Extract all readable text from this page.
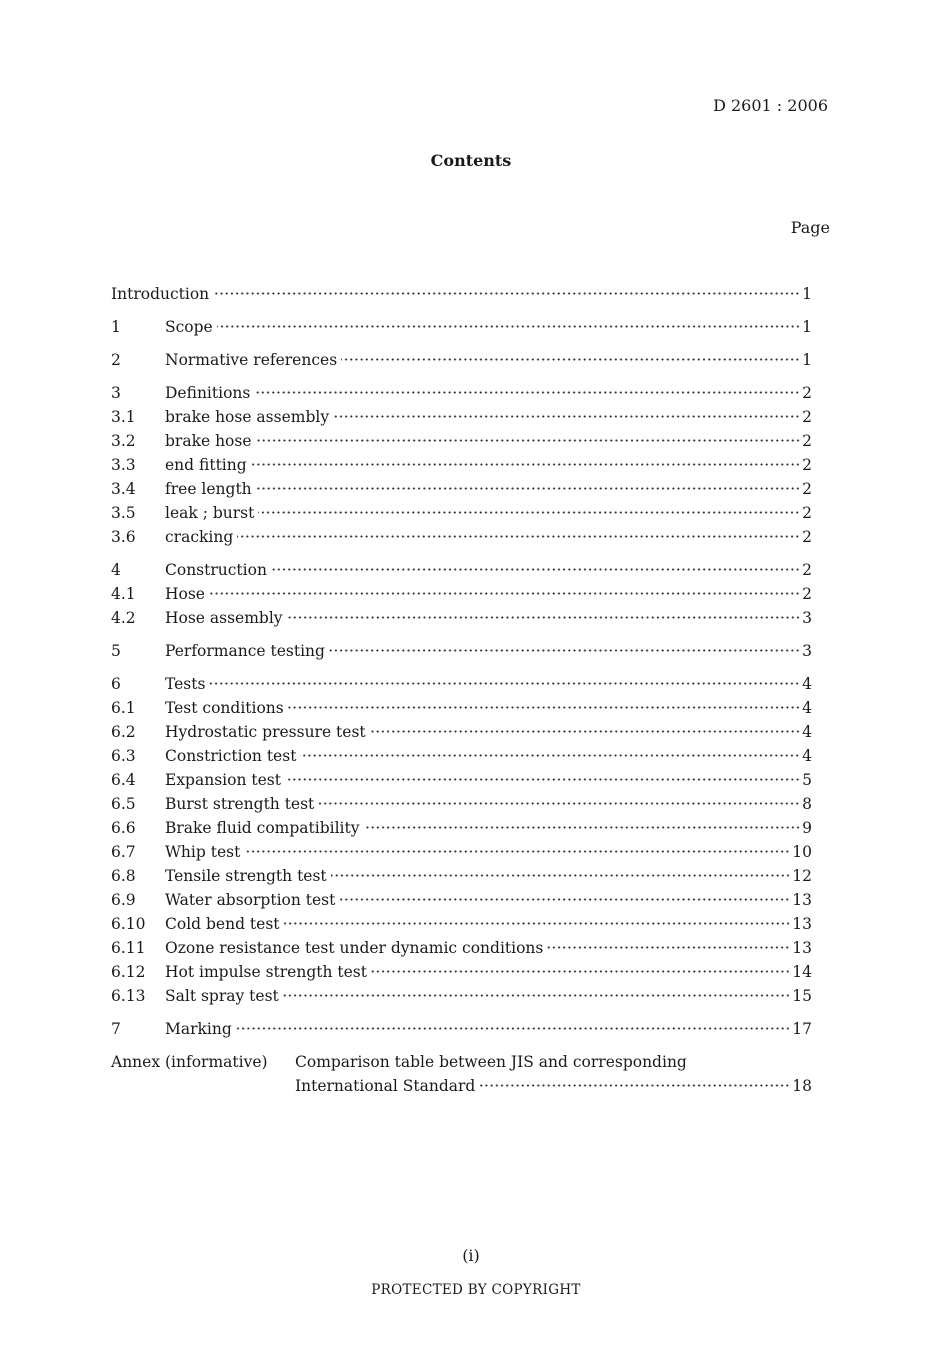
D 2601 : 2006
Contents
Page
Introduction	1
1	Scope	1
2	Normative references	1
3	Definitions	2
3.1	brake hose assembly	2
3.2	brake hose	2
3.3	end fitting	2
3.4	free length	2
3.5	leak ; burst	2
3.6	cracking	2
4	Construction	2
4.1	Hose	2
4.2	Hose assembly	3
5	Performance testing	3
6	Tests	4
6.1	Test conditions	4
6.2	Hydrostatic pressure test	4
6.3	Constriction test	4
6.4	Expansion test	5
6.5	Burst strength test	8
6.6	Brake fluid compatibility	9
6.7	Whip test	10
6.8	Tensile strength test	12
6.9	Water absorption test	13
6.10	Cold bend test	13
6.11	Ozone resistance test under dynamic conditions	13
6.12	Hot impulse strength test	14
6.13	Salt spray test	15
7	Marking	17
Annex (informative)	Comparison table between JIS and corresponding
International Standard	18
(i)
PROTECTED BY COPYRIGHT
